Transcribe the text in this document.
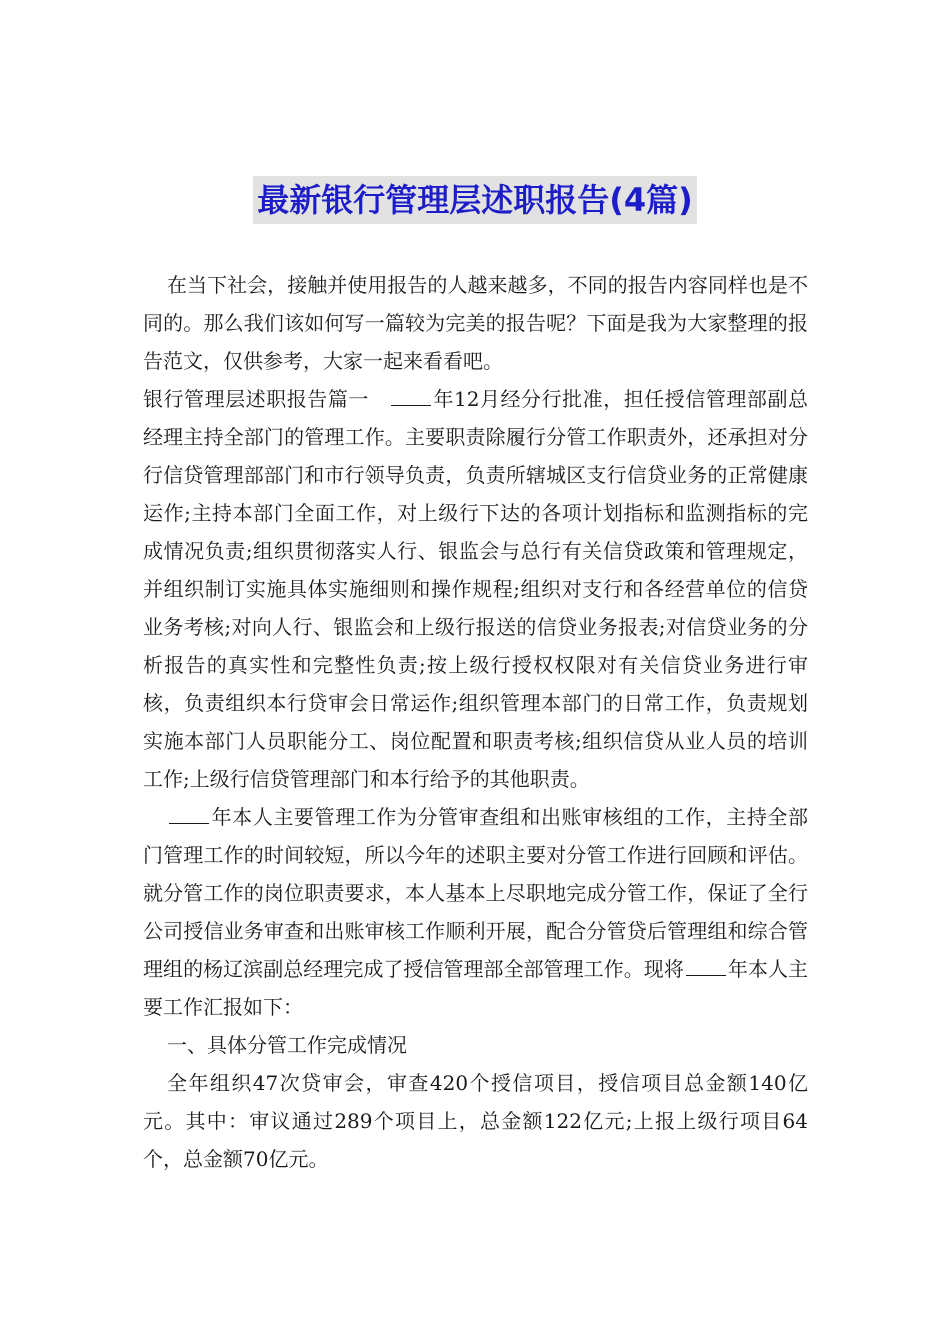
最新银行管理层述职报告(4篇)

在当下社会，接触并使用报告的人越来越多，不同的报告内容同样也是不同的。那么我们该如何写一篇较为完美的报告呢？下面是我为大家整理的报告范文，仅供参考，大家一起来看看吧。

银行管理层述职报告篇一	年12月经分行批准，担任授信管理部副总经理主持全部门的管理工作。主要职责除履行分管工作职责外，还承担对分行信贷管理部部门和市行领导负责，负责所辖城区支行信贷业务的正常健康运作;主持本部门全面工作，对上级行下达的各项计划指标和监测指标的完成情况负责;组织贯彻落实人行、银监会与总行有关信贷政策和管理规定，并组织制订实施具体实施细则和操作规程;组织对支行和各经营单位的信贷业务考核;对向人行、银监会和上级行报送的信贷业务报表;对信贷业务的分析报告的真实性和完整性负责;按上级行授权权限对有关信贷业务进行审核，负责组织本行贷审会日常运作;组织管理本部门的日常工作，负责规划实施本部门人员职能分工、岗位配置和职责考核;组织信贷从业人员的培训工作;上级行信贷管理部门和本行给予的其他职责。

年本人主要管理工作为分管审查组和出账审核组的工作，主持全部门管理工作的时间较短，所以今年的述职主要对分管工作进行回顾和评估。就分管工作的岗位职责要求，本人基本上尽职地完成分管工作，保证了全行公司授信业务审查和出账审核工作顺利开展，配合分管贷后管理组和综合管理组的杨辽滨副总经理完成了授信管理部全部管理工作。现将 年本人主要工作汇报如下：

一、具体分管工作完成情况

全年组织47次贷审会，审查420个授信项目，授信项目总金额140亿元。其中：审议通过289个项目上，总金额122亿元;上报上级行项目64个，总金额70亿元。
